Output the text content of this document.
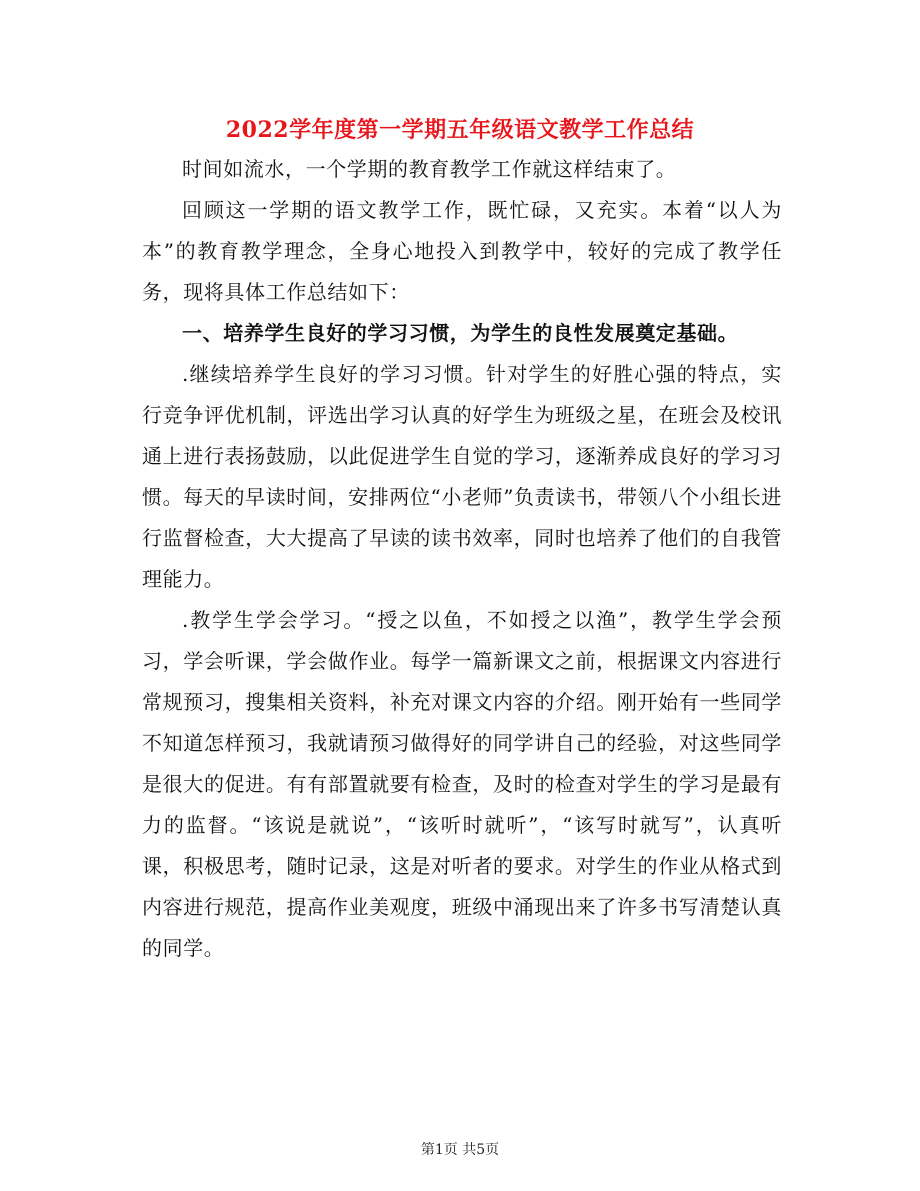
2022学年度第一学期五年级语文教学工作总结

时间如流水，一个学期的教育教学工作就这样结束了。

回顾这一学期的语文教学工作，既忙碌，又充实。本着“以人为本”的教育教学理念，全身心地投入到教学中，较好的完成了教学任务，现将具体工作总结如下：

一、培养学生良好的学习习惯，为学生的良性发展奠定基础。

.继续培养学生良好的学习习惯。针对学生的好胜心强的特点，实行竞争评优机制，评选出学习认真的好学生为班级之星，在班会及校讯通上进行表扬鼓励，以此促进学生自觉的学习，逐渐养成良好的学习习惯。每天的早读时间，安排两位“小老师”负责读书，带领八个小组长进行监督检查，大大提高了早读的读书效率，同时也培养了他们的自我管理能力。

.教学生学会学习。“授之以鱼，不如授之以渔”，教学生学会预习，学会听课，学会做作业。每学一篇新课文之前，根据课文内容进行常规预习，搜集相关资料，补充对课文内容的介绍。刚开始有一些同学不知道怎样预习，我就请预习做得好的同学讲自己的经验，对这些同学是很大的促进。有有部置就要有检查，及时的检查对学生的学习是最有力的监督。“该说是就说”，“该听时就听”，“该写时就写”，认真听课，积极思考，随时记录，这是对听者的要求。对学生的作业从格式到内容进行规范，提高作业美观度，班级中涌现出来了许多书写清楚认真的同学。

第1页 共5页
